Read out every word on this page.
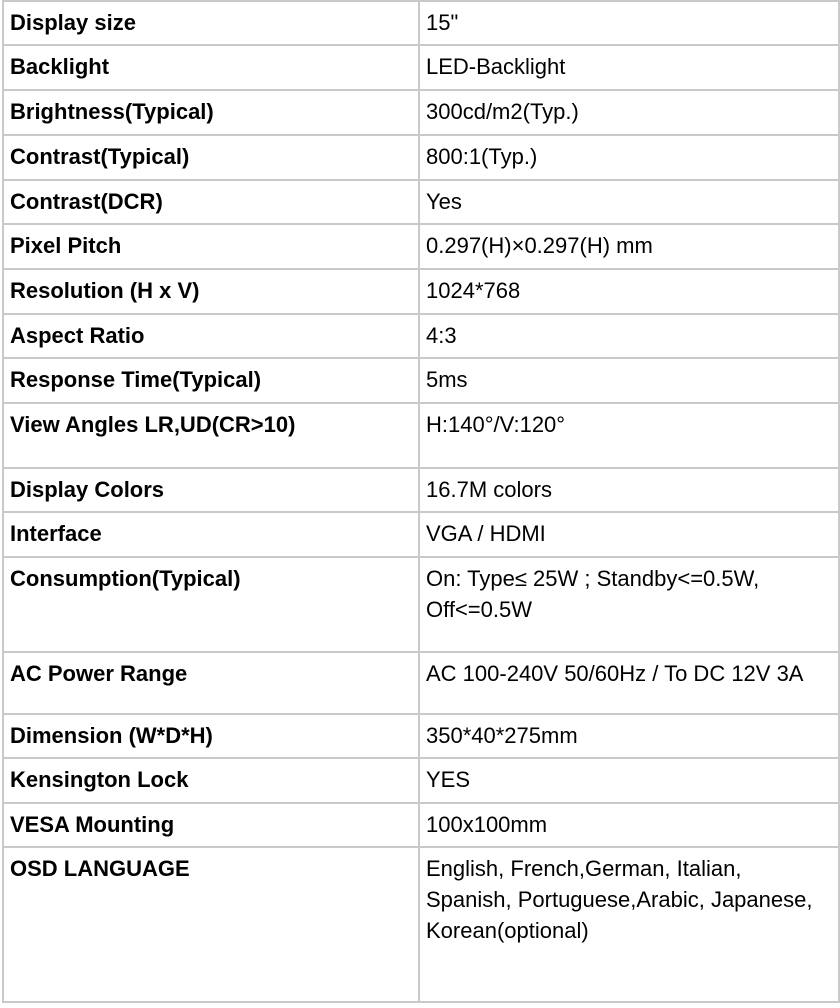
Display size	15"
Backlight	LED-Backlight
Brightness(Typical)	300cd/m2(Typ.)
Contrast(Typical)	800:1(Typ.)
Contrast(DCR)	Yes
Pixel Pitch	0.297(H)×0.297(H) mm
Resolution (H x V)	1024*768
Aspect Ratio	4:3
Response Time(Typical)	5ms
View Angles LR,UD(CR>10)	H:140°/V:120°
Display Colors	16.7M colors
Interface	VGA / HDMI
Consumption(Typical)	On: Type≤ 25W ; Standby<=0.5W, Off<=0.5W
AC Power Range	AC 100-240V 50/60Hz / To DC 12V 3A
Dimension (W*D*H)	350*40*275mm
Kensington Lock	YES
VESA Mounting	100x100mm
OSD LANGUAGE	English, French,German, Italian, Spanish, Portuguese,Arabic, Japanese, Korean(optional)
